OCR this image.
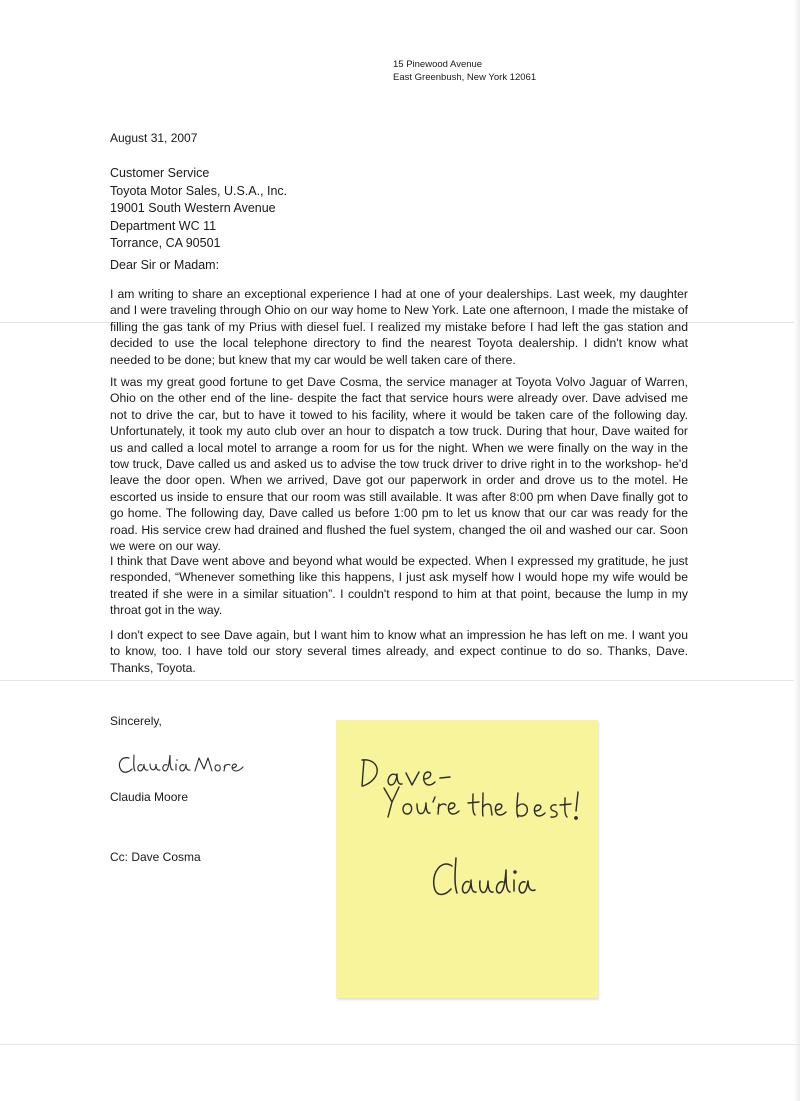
15 Pinewood Avenue
East Greenbush, New York 12061
August 31, 2007
Customer Service
Toyota Motor Sales, U.S.A., Inc.
19001 South Western Avenue
Department WC 11
Torrance, CA 90501
Dear Sir or Madam:
I am writing to share an exceptional experience I had at one of your dealerships. Last week, my daughter and I were traveling through Ohio on our way home to New York. Late one afternoon, I made the mistake of filling the gas tank of my Prius with diesel fuel. I realized my mistake before I had left the gas station and decided to use the local telephone directory to find the nearest Toyota dealership. I didn't know what needed to be done; but knew that my car would be well taken care of there.
It was my great good fortune to get Dave Cosma, the service manager at Toyota Volvo Jaguar of Warren, Ohio on the other end of the line- despite the fact that service hours were already over. Dave advised me not to drive the car, but to have it towed to his facility, where it would be taken care of the following day. Unfortunately, it took my auto club over an hour to dispatch a tow truck. During that hour, Dave waited for us and called a local motel to arrange a room for us for the night. When we were finally on the way in the tow truck, Dave called us and asked us to advise the tow truck driver to drive right in to the workshop- he'd leave the door open. When we arrived, Dave got our paperwork in order and drove us to the motel. He escorted us inside to ensure that our room was still available. It was after 8:00 pm when Dave finally got to go home. The following day, Dave called us before 1:00 pm to let us know that our car was ready for the road. His service crew had drained and flushed the fuel system, changed the oil and washed our car. Soon we were on our way.
I think that Dave went above and beyond what would be expected. When I expressed my gratitude, he just responded, “Whenever something like this happens, I just ask myself how I would hope my wife would be treated if she were in a similar situation”. I couldn't respond to him at that point, because the lump in my throat got in the way.
I don't expect to see Dave again, but I want him to know what an impression he has left on me. I want you to know, too. I have told our story several times already, and expect continue to do so. Thanks, Dave. Thanks, Toyota.
Sincerely,
Claudia Moore
Cc: Dave Cosma
